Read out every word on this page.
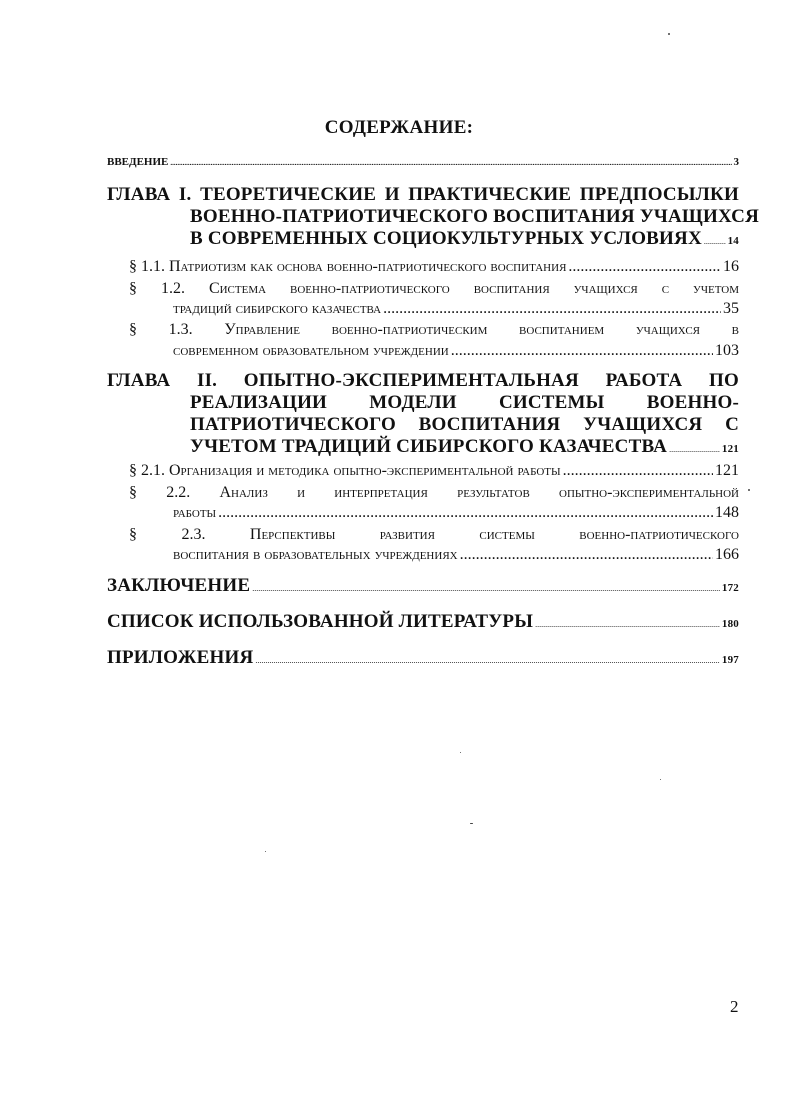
СОДЕРЖАНИЕ:
ВВЕДЕНИЕ .....	3
ГЛАВА I. ТЕОРЕТИЧЕСКИЕ И ПРАКТИЧЕСКИЕ ПРЕДПОСЫЛКИ
ВОЕННО-ПАТРИОТИЧЕСКОГО ВОСПИТАНИЯ УЧАЩИХСЯ
В СОВРЕМЕННЫХ СОЦИОКУЛЬТУРНЫХ УСЛОВИЯХ ..... 14
§ 1.1. Патриотизм как основа военно-патриотического воспитания .....	16
§ 1.2. Система военно-патриотического воспитания учащихся с учетом
традиций сибирского казачества .....	35
§ 1.3. Управление военно-патриотическим воспитанием учащихся в
современном образовательном учреждении .....	103
ГЛАВА II. ОПЫТНО-ЭКСПЕРИМЕНТАЛЬНАЯ РАБОТА ПО
РЕАЛИЗАЦИИ МОДЕЛИ СИСТЕМЫ ВОЕННО-
ПАТРИОТИЧЕСКОГО ВОСПИТАНИЯ УЧАЩИХСЯ С
УЧЕТОМ ТРАДИЦИЙ СИБИРСКОГО КАЗАЧЕСТВА .....	121
§ 2.1. Организация и методика опытно-экспериментальной работы .....	121
§ 2.2. Анализ и интерпретация результатов опытно-экспериментальной
работы .....	148
§ 2.3. Перспективы развития системы военно-патриотического
воспитания в образовательных учреждениях .....	166
ЗАКЛЮЧЕНИЕ .....	172
СПИСОК ИСПОЛЬЗОВАННОЙ ЛИТЕРАТУРЫ .....	180
ПРИЛОЖЕНИЯ .....	197
2
